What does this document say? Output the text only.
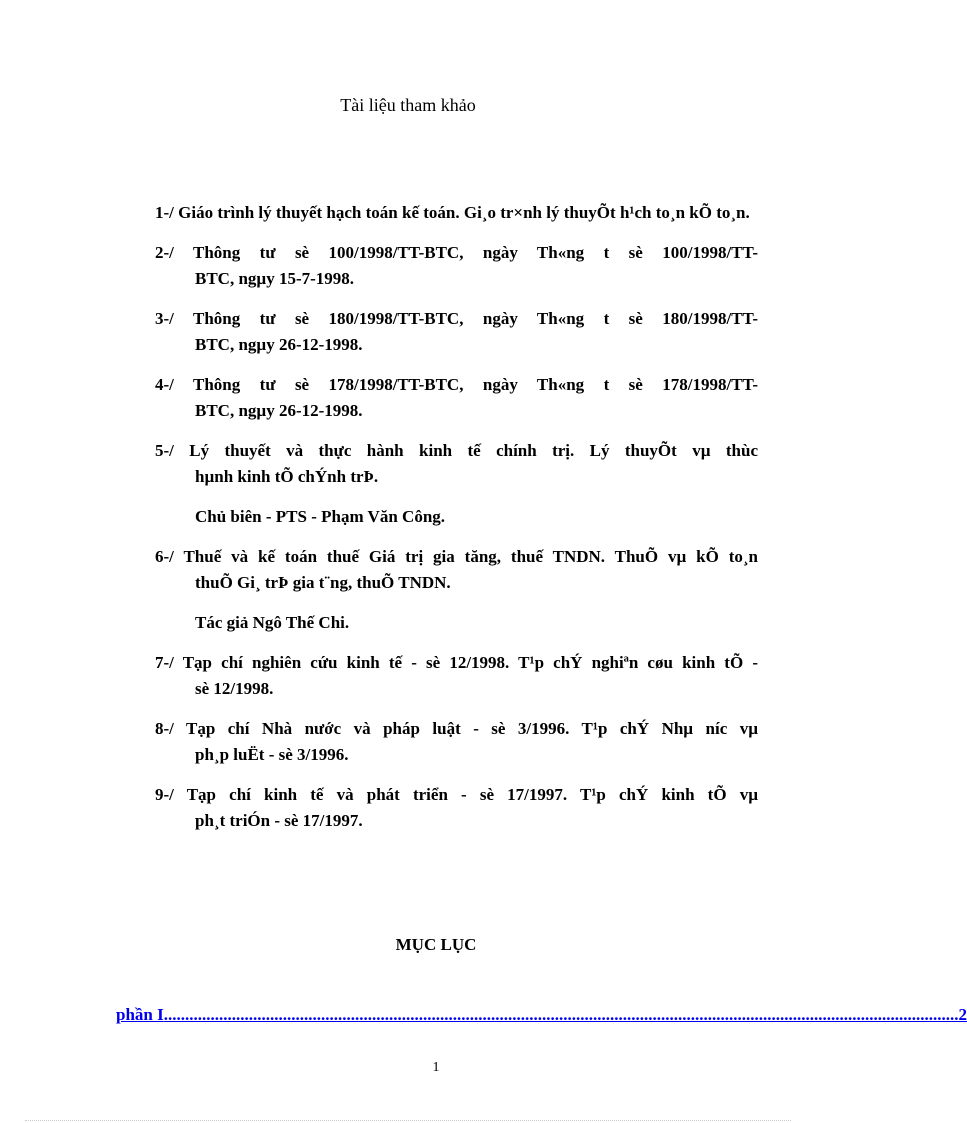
Tài liệu tham khảo
1-/ Giáo trình lý thuyết hạch toán kế toán. Gi¸o tr×nh lý thuyÕt h¹ch to¸n kÕ to¸n.
2-/ Thông tư sè 100/1998/TT-BTC, ngày Th«ng t sè 100/1998/TT- BTC, ngµy 15-7-1998.
3-/ Thông tư sè 180/1998/TT-BTC, ngày Th«ng t sè 180/1998/TT- BTC, ngµy 26-12-1998.
4-/ Thông tư sè 178/1998/TT-BTC, ngày Th«ng t sè 178/1998/TT- BTC, ngµy 26-12-1998.
5-/ Lý thuyết và thực hành kinh tế chính trị. Lý thuyÕt vµ thùc hµnh kinh tÕ chÝnh trÞ.
Chủ biên - PTS - Phạm Văn Công.
6-/ Thuế và kế toán thuế Giá trị gia tăng, thuế TNDN. ThuÕ vµ kÕ to¸n thuÕ Gi¸ trÞ gia t¨ng, thuÕ TNDN.
Tác giả Ngô Thế Chi.
7-/ Tạp chí nghiên cứu kinh tế - sè 12/1998. T¹p chÝ nghiªn cøu kinh tÕ - sè 12/1998.
8-/ Tạp chí Nhà nước và pháp luật - sè 3/1996. T¹p chÝ Nhµ níc vµ ph¸p luËt - sè 3/1996.
9-/ Tạp chí kinh tế và phát triển - sè 17/1997. T¹p chÝ kinh tÕ vµ ph¸t triÓn - sè 17/1997.
MỤC LỤC
phần I ........................................................................................................................................................................................... 2
1
